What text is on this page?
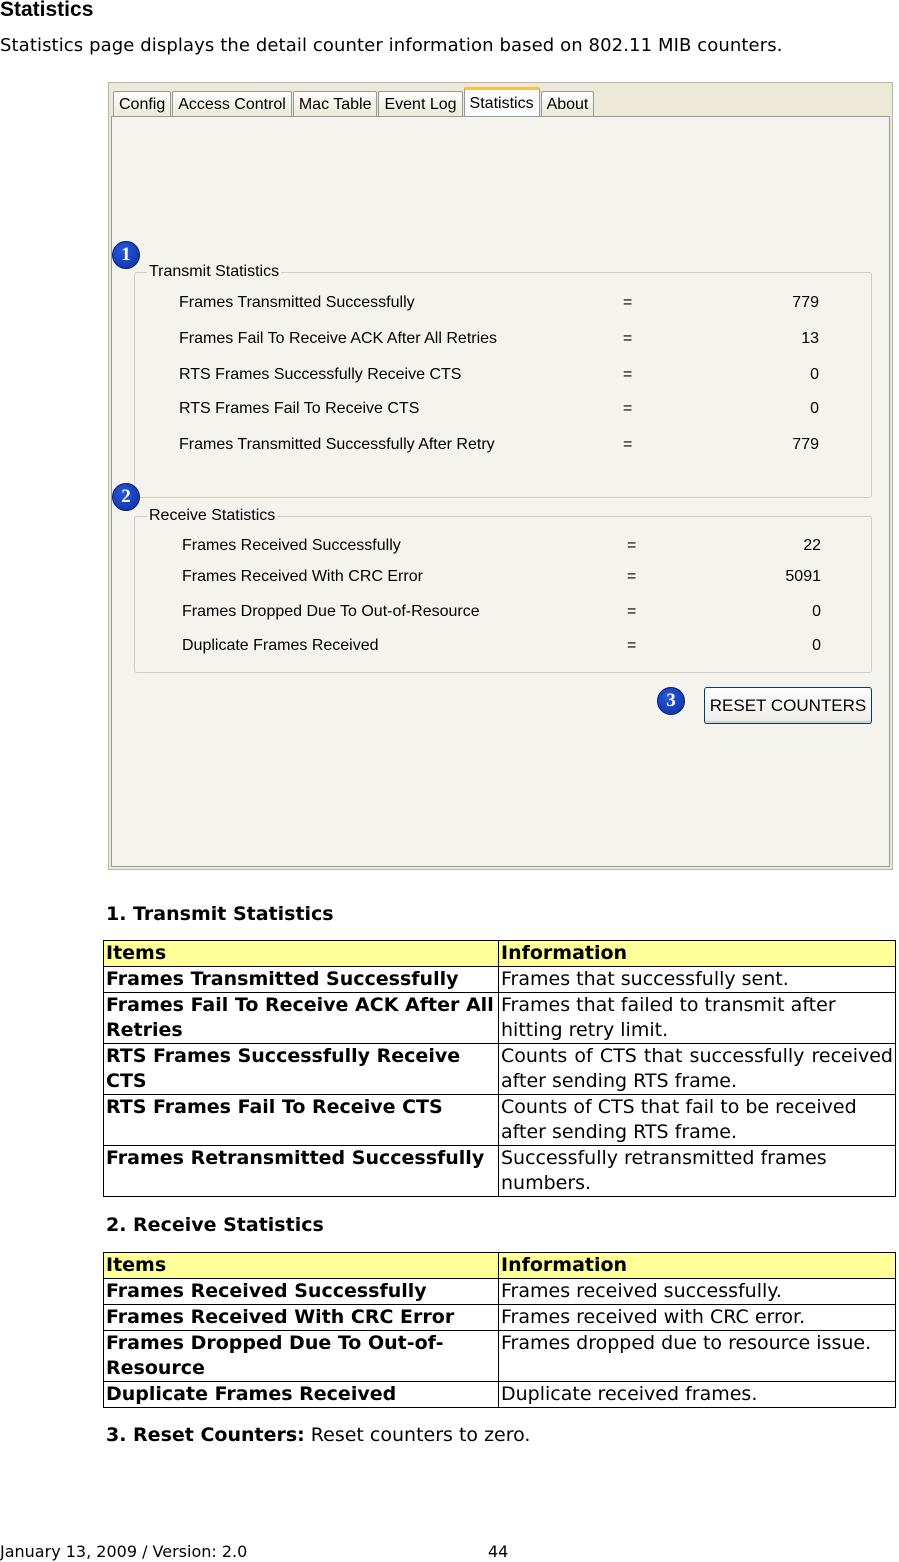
Statistics
Statistics page displays the detail counter information based on 802.11 MIB counters.
Config Access Control Mac Table Event Log Statistics About
1
Transmit Statistics
Frames Transmitted Successfully	=	779
Frames Fail To Receive ACK After All Retries	=	13
RTS Frames Successfully Receive CTS	=	0
RTS Frames Fail To Receive CTS	=	0
Frames Transmitted Successfully After Retry	=	779
2
Receive Statistics
Frames Received Successfully	=	22
Frames Received With CRC Error	=	5091
Frames Dropped Due To Out-of-Resource	=	0
Duplicate Frames Received	=	0
3	RESET COUNTERS
1. Transmit Statistics
Items	Information
Frames Transmitted Successfully	Frames that successfully sent.
Frames Fail To Receive ACK After All Retries	Frames that failed to transmit after hitting retry limit.
RTS Frames Successfully Receive CTS	Counts of CTS that successfully received after sending RTS frame.
RTS Frames Fail To Receive CTS	Counts of CTS that fail to be received after sending RTS frame.
Frames Retransmitted Successfully	Successfully retransmitted frames numbers.
2. Receive Statistics
Items	Information
Frames Received Successfully	Frames received successfully.
Frames Received With CRC Error	Frames received with CRC error.
Frames Dropped Due To Out-of-Resource	Frames dropped due to resource issue.
Duplicate Frames Received	Duplicate received frames.
3. Reset Counters: Reset counters to zero.
January 13, 2009 / Version: 2.0	44
